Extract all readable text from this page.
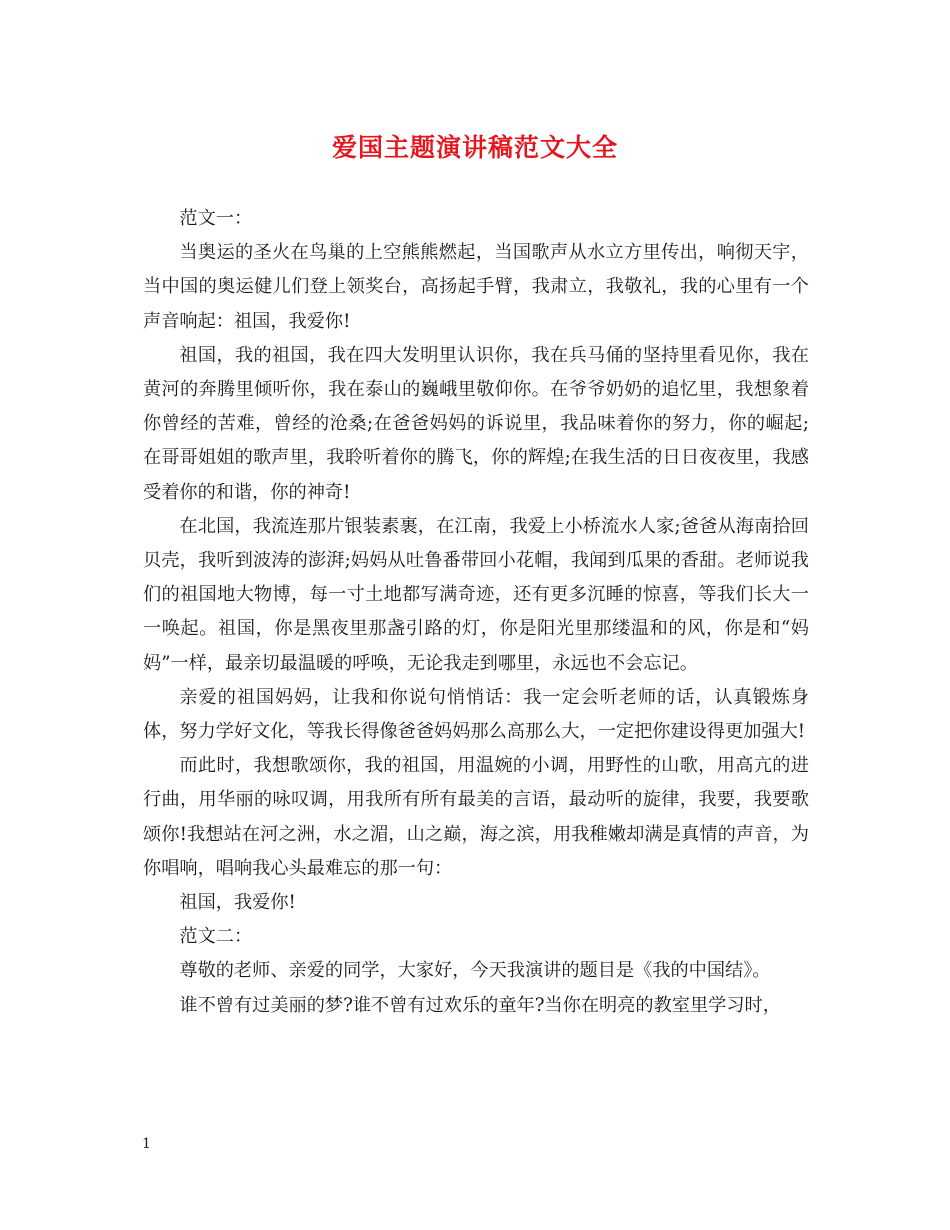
爱国主题演讲稿范文大全

范文一：

当奥运的圣火在鸟巢的上空熊熊燃起，当国歌声从水立方里传出，响彻天宇，当中国的奥运健儿们登上领奖台，高扬起手臂，我肃立，我敬礼，我的心里有一个声音响起：祖国，我爱你!

祖国，我的祖国，我在四大发明里认识你，我在兵马俑的坚持里看见你，我在黄河的奔腾里倾听你，我在泰山的巍峨里敬仰你。在爷爷奶奶的追忆里，我想象着你曾经的苦难，曾经的沧桑;在爸爸妈妈的诉说里，我品味着你的努力，你的崛起;在哥哥姐姐的歌声里，我聆听着你的腾飞，你的辉煌;在我生活的日日夜夜里，我感受着你的和谐，你的神奇!

在北国，我流连那片银装素裹，在江南，我爱上小桥流水人家;爸爸从海南拾回贝壳，我听到波涛的澎湃;妈妈从吐鲁番带回小花帽，我闻到瓜果的香甜。老师说我们的祖国地大物博，每一寸土地都写满奇迹，还有更多沉睡的惊喜，等我们长大一一唤起。祖国，你是黑夜里那盏引路的灯，你是阳光里那缕温和的风，你是和“妈妈”一样，最亲切最温暖的呼唤，无论我走到哪里，永远也不会忘记。

亲爱的祖国妈妈，让我和你说句悄悄话：我一定会听老师的话，认真锻炼身体，努力学好文化，等我长得像爸爸妈妈那么高那么大，一定把你建设得更加强大!

而此时，我想歌颂你，我的祖国，用温婉的小调，用野性的山歌，用高亢的进行曲，用华丽的咏叹调，用我所有所有最美的言语，最动听的旋律，我要，我要歌颂你!我想站在河之洲，水之湄，山之巅，海之滨，用我稚嫩却满是真情的声音，为你唱响，唱响我心头最难忘的那一句：

祖国，我爱你!

范文二：

尊敬的老师、亲爱的同学，大家好，今天我演讲的题目是《我的中国结》。

谁不曾有过美丽的梦?谁不曾有过欢乐的童年?当你在明亮的教室里学习时，

1
